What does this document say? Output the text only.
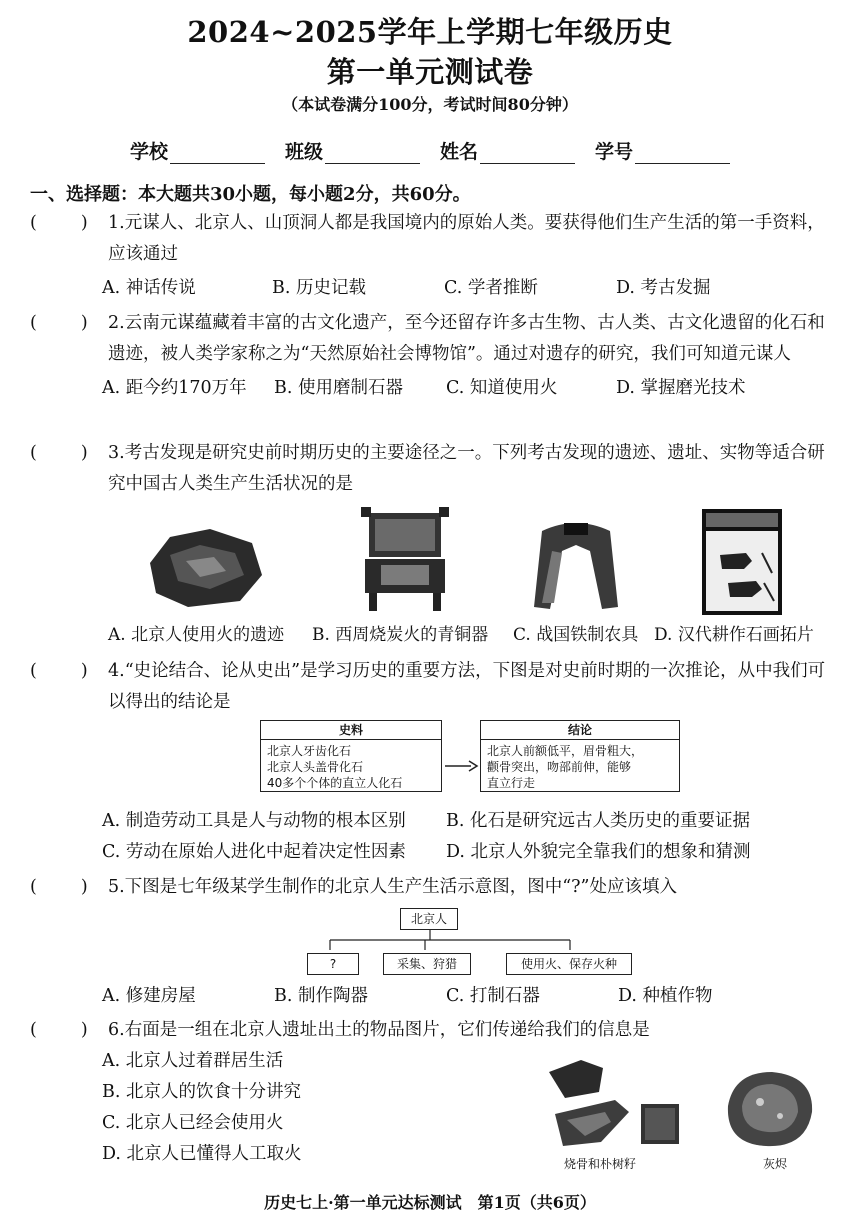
2024~2025学年上学期七年级历史
第一单元测试卷
（本试卷满分100分，考试时间80分钟）
学校	班级	姓名	学号
一、选择题：本大题共30小题，每小题2分，共60分。
(	)	1.元谋人、北京人、山顶洞人都是我国境内的原始人类。要获得他们生产生活的第一手资料，应该通过
A. 神话传说	B. 历史记载	C. 学者推断	D. 考古发掘
(	)	2.云南元谋蕴藏着丰富的古文化遗产，至今还留存许多古生物、古人类、古文化遗留的化石和遗迹，被人类学家称之为“天然原始社会博物馆”。通过对遗存的研究，我们可知道元谋人
A. 距今约170万年	B. 使用磨制石器	C. 知道使用火	D. 掌握磨光技术
(	)	3.考古发现是研究史前时期历史的主要途径之一。下列考古发现的遗迹、遗址、实物等适合研究中国古人类生产生活状况的是
A. 北京人使用火的遗迹	B. 西周烧炭火的青铜器	C. 战国铁制农具 D. 汉代耕作石画拓片
(	)	4.“史论结合、论从史出”是学习历史的重要方法，下图是对史前时期的一次推论，从中我们可以得出的结论是
史料
北京人牙齿化石
北京人头盖骨化石
40多个个体的直立人化石
结论
北京人前额低平，眉骨粗大，
颧骨突出，吻部前伸，能够
直立行走
A. 制造劳动工具是人与动物的根本区别	B. 化石是研究远古人类历史的重要证据
C. 劳动在原始人进化中起着决定性因素	D. 北京人外貌完全靠我们的想象和猜测
(	)	5.下图是七年级某学生制作的北京人生产生活示意图，图中“?”处应该填入
北京人
?	采集、狩猎	使用火、保存火种
A. 修建房屋	B. 制作陶器	C. 打制石器	D. 种植作物
(	)	6.右面是一组在北京人遗址出土的物品图片，它们传递给我们的信息是
A. 北京人过着群居生活
B. 北京人的饮食十分讲究
C. 北京人已经会使用火
D. 北京人已懂得人工取火	烧骨和朴树籽	灰烬
历史七上·第一单元达标测试　第1页（共6页）
